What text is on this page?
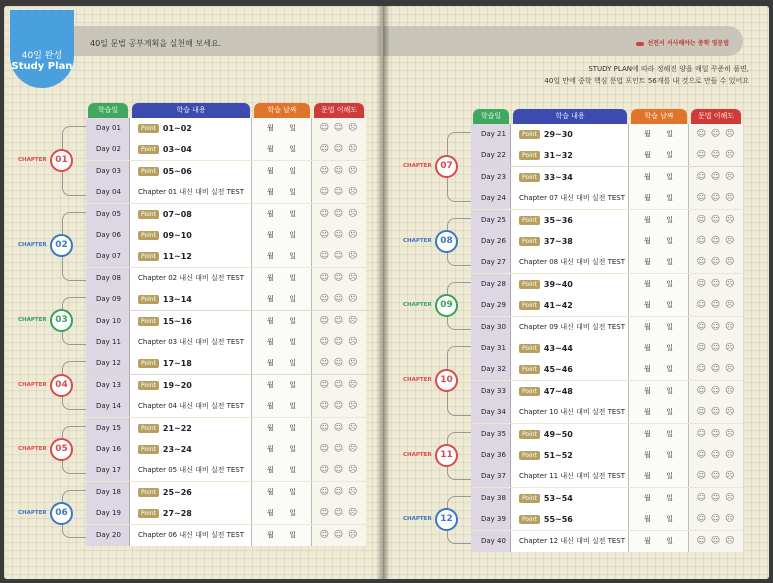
40일 완성
Study Plan
40일 문법 공부계획을 실천해 보세요.
학습일	학습 내용	학습 날짜	문법 이해도
Day 01	Point 01~02	월       일	☺ ☺ ☹
Day 02	Point 03~04	월       일	☺ ☺ ☹
Day 03	Point 05~06	월       일	☺ ☺ ☹
Day 04	Chapter 01 내신 대비 실전 TEST	월       일	☺ ☺ ☹
Day 05	Point 07~08	월       일	☺ ☺ ☹
Day 06	Point 09~10	월       일	☺ ☺ ☹
Day 07	Point 11~12	월       일	☺ ☺ ☹
Day 08	Chapter 02 내신 대비 실전 TEST	월       일	☺ ☺ ☹
Day 09	Point 13~14	월       일	☺ ☺ ☹
Day 10	Point 15~16	월       일	☺ ☺ ☹
Day 11	Chapter 03 내신 대비 실전 TEST	월       일	☺ ☺ ☹
Day 12	Point 17~18	월       일	☺ ☺ ☹
Day 13	Point 19~20	월       일	☺ ☺ ☹
Day 14	Chapter 04 내신 대비 실전 TEST	월       일	☺ ☺ ☹
Day 15	Point 21~22	월       일	☺ ☺ ☹
Day 16	Point 23~24	월       일	☺ ☺ ☹
Day 17	Chapter 05 내신 대비 실전 TEST	월       일	☺ ☺ ☹
Day 18	Point 25~26	월       일	☺ ☺ ☹
Day 19	Point 27~28	월       일	☺ ☺ ☹
Day 20	Chapter 06 내신 대비 실전 TEST	월       일	☺ ☺ ☹
CHAPTER 01
CHAPTER 02
CHAPTER 03
CHAPTER 04
CHAPTER 05
CHAPTER 06
선전서 서사해야는 중학 영문법
STUDY PLAN에 따라 정해진 양을 매일 꾸준히 풀면,
40일 만에 중학 핵심 문법 포인트 56개를 내 것으로 만들 수 있어요
학습일	학습 내용	학습 날짜	문법 이해도
Day 21	Point 29~30	월       일	☺ ☺ ☹
Day 22	Point 31~32	월       일	☺ ☺ ☹
Day 23	Point 33~34	월       일	☺ ☺ ☹
Day 24	Chapter 07 내신 대비 실전 TEST	월       일	☺ ☺ ☹
Day 25	Point 35~36	월       일	☺ ☺ ☹
Day 26	Point 37~38	월       일	☺ ☺ ☹
Day 27	Chapter 08 내신 대비 실전 TEST	월       일	☺ ☺ ☹
Day 28	Point 39~40	월       일	☺ ☺ ☹
Day 29	Point 41~42	월       일	☺ ☺ ☹
Day 30	Chapter 09 내신 대비 실전 TEST	월       일	☺ ☺ ☹
Day 31	Point 43~44	월       일	☺ ☺ ☹
Day 32	Point 45~46	월       일	☺ ☺ ☹
Day 33	Point 47~48	월       일	☺ ☺ ☹
Day 34	Chapter 10 내신 대비 실전 TEST	월       일	☺ ☺ ☹
Day 35	Point 49~50	월       일	☺ ☺ ☹
Day 36	Point 51~52	월       일	☺ ☺ ☹
Day 37	Chapter 11 내신 대비 실전 TEST	월       일	☺ ☺ ☹
Day 38	Point 53~54	월       일	☺ ☺ ☹
Day 39	Point 55~56	월       일	☺ ☺ ☹
Day 40	Chapter 12 내신 대비 실전 TEST	월       일	☺ ☺ ☹
CHAPTER 07
CHAPTER 08
CHAPTER 09
CHAPTER 10
CHAPTER 11
CHAPTER 12
